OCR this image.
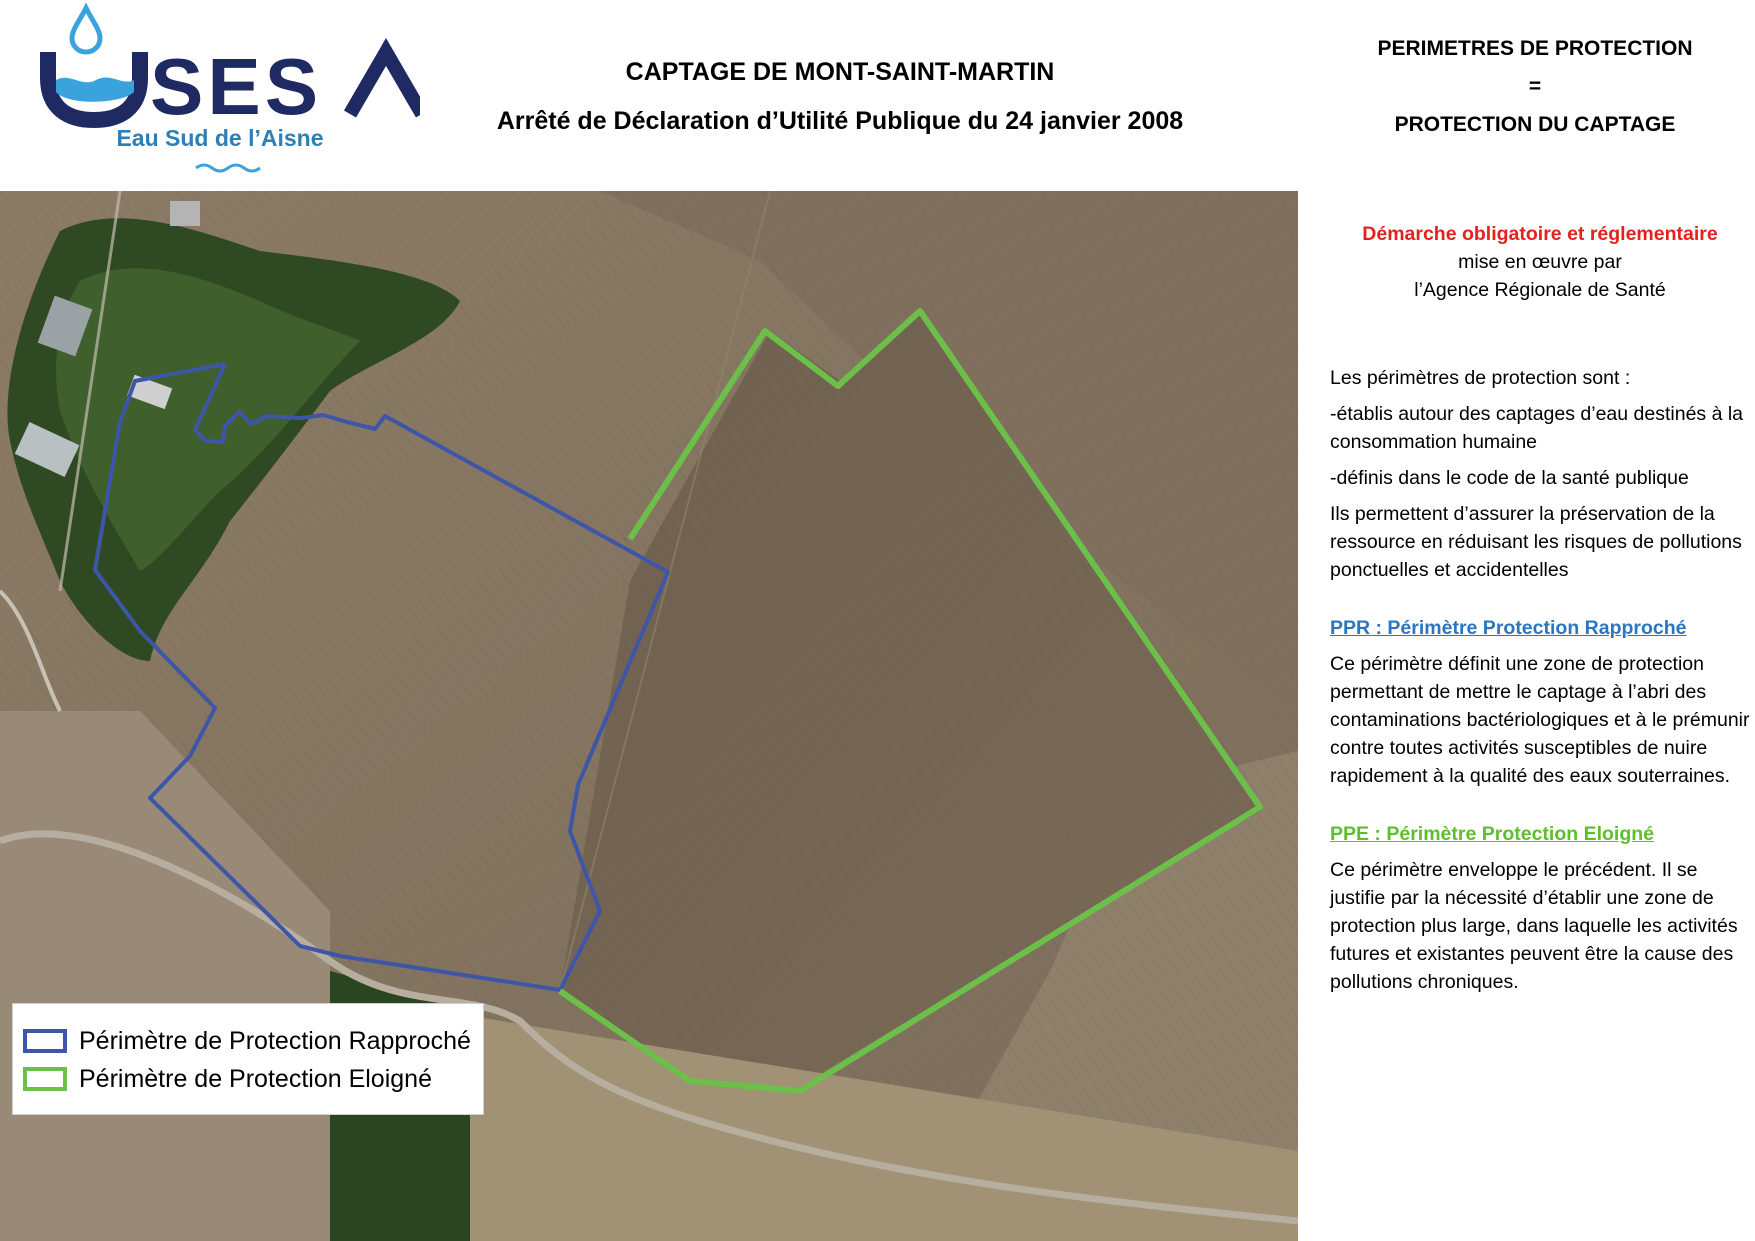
SES
Eau Sud de l’Aisne
CAPTAGE DE MONT-SAINT-MARTIN
Arrêté de Déclaration d’Utilité Publique du 24 janvier 2008
PERIMETRES DE PROTECTION
=
PROTECTION DU CAPTAGE
Périmètre de Protection Rapproché
Périmètre de Protection Eloigné

Démarche obligatoire et réglementaire

mise en œuvre par

l’Agence Régionale de Santé

Les périmètres de protection sont :

-établis autour des captages d’eau destinés à la consommation humaine

-définis dans le code de la santé publique

Ils permettent d’assurer la préservation de la ressource en réduisant les risques de pollutions ponctuelles et accidentelles

PPR : Périmètre Protection Rapproché

Ce périmètre définit une zone de protection permettant de mettre le captage à l’abri des contaminations bactériologiques et à le prémunir contre toutes activités susceptibles de nuire rapidement à la qualité des eaux souterraines.

PPE : Périmètre Protection Eloigné

Ce périmètre enveloppe le précédent. Il se justifie par la nécessité d’établir une zone de protection plus large, dans laquelle les activités futures et existantes peuvent être la cause des pollutions chroniques.
